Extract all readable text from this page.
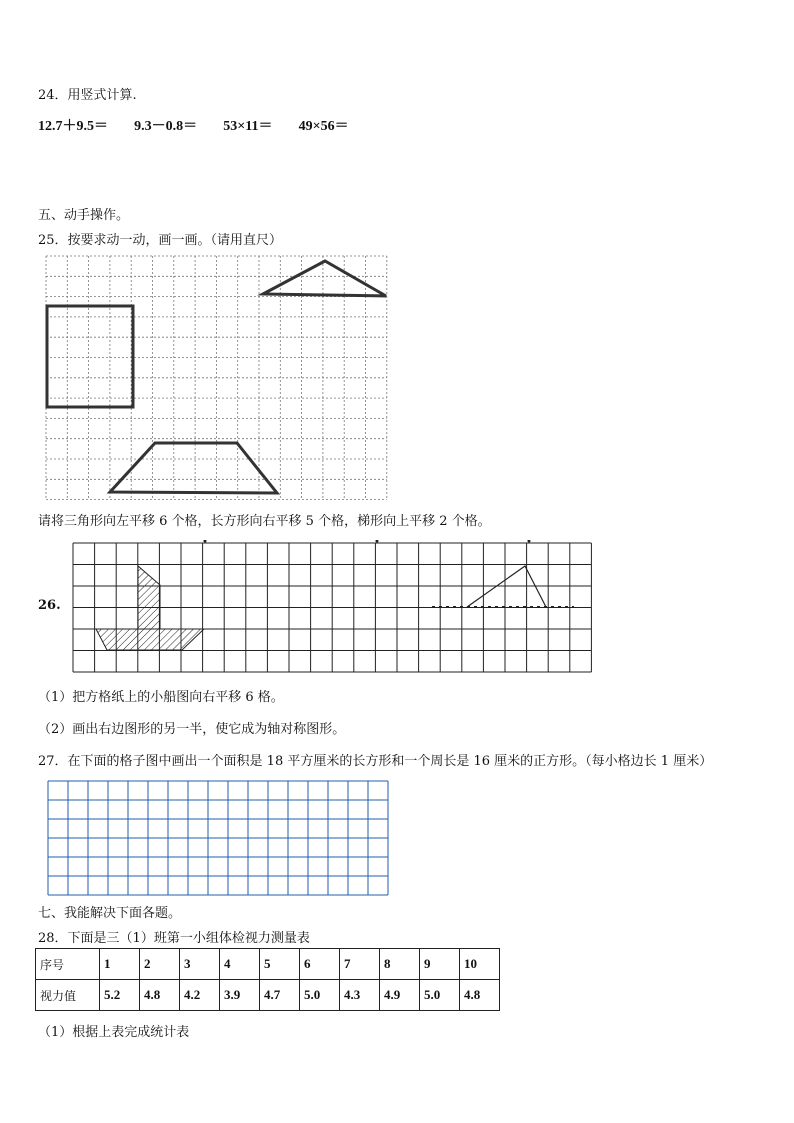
24．用竖式计算.
12.7＋9.5＝ 9.3－0.8＝ 53×11＝ 49×56＝
五、动手操作。
25．按要求动一动，画一画。（请用直尺）
请将三角形向左平移 6 个格，长方形向右平移 5 个格，梯形向上平移 2 个格。
26.
（1）把方格纸上的小船图向右平移 6 格。
（2）画出右边图形的另一半，使它成为轴对称图形。
27．在下面的格子图中画出一个面积是 18 平方厘米的长方形和一个周长是 16 厘米的正方形。（每小格边长 1 厘米）
七、我能解决下面各题。
28．下面是三（1）班第一小组体检视力测量表
序号	1	2	3	4	5	6	7	8	9	10
视力值	5.2	4.8	4.2	3.9	4.7	5.0	4.3	4.9	5.0	4.8
（1）根据上表完成统计表
